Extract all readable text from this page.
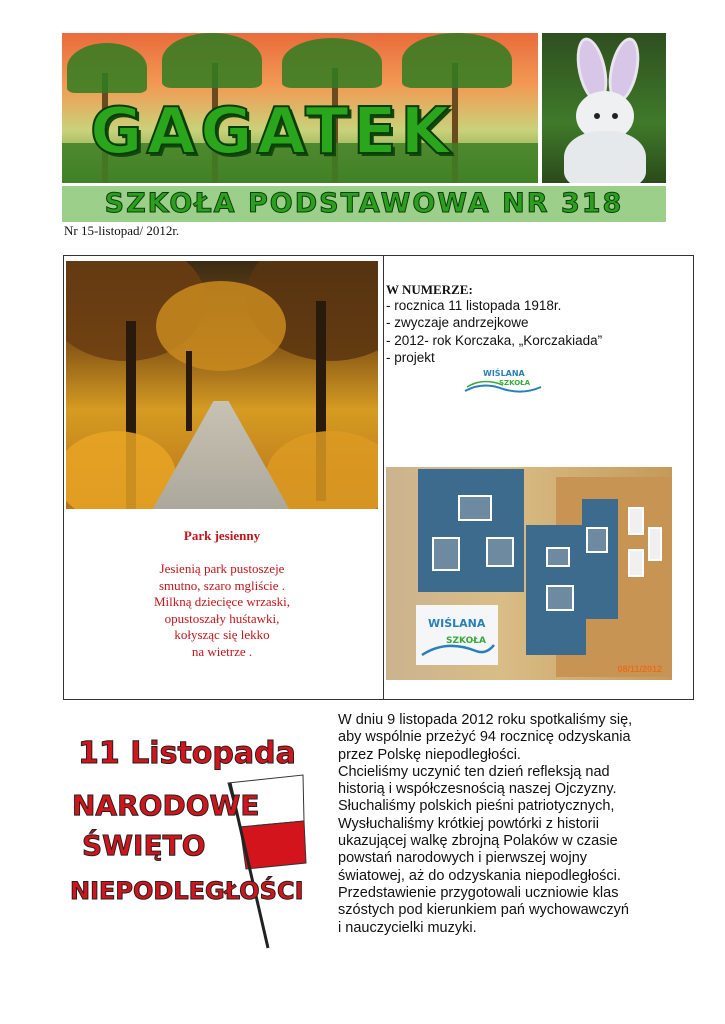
GAGATEK
SZKOŁA PODSTAWOWA NR 318
Nr 15-listopad/ 2012r.
Park jesienny
Jesienią park pustoszeje
smutno, szaro mgliście .
Milkną dziecięce wrzaski,
opustoszały huśtawki,
kołysząc się lekko
na wietrze .
W NUMERZE:
- rocznica 11 listopada 1918r.
- zwyczaje andrzejkowe
- 2012- rok Korczaka, „Korczakiada”
- projekt
WIŚLANA
SZKOŁA
WIŚLANA
SZKOŁA
08/11/2012
11 Listopada
NARODOWE
ŚWIĘTO
NIEPODLEGŁOŚCI
W dniu 9 listopada 2012 roku spotkaliśmy się,
aby wspólnie przeżyć 94 rocznicę odzyskania
przez Polskę niepodległości.
Chcieliśmy uczynić ten dzień refleksją nad
historią i współczesnością naszej Ojczyzny.
Słuchaliśmy polskich pieśni patriotycznych,
Wysłuchaliśmy krótkiej powtórki z historii
ukazującej walkę zbrojną Polaków w czasie
powstań narodowych i pierwszej wojny
światowej, aż do odzyskania niepodległości.
Przedstawienie przygotowali uczniowie klas
szóstych pod kierunkiem pań wychowawczyń
i nauczycielki muzyki.
